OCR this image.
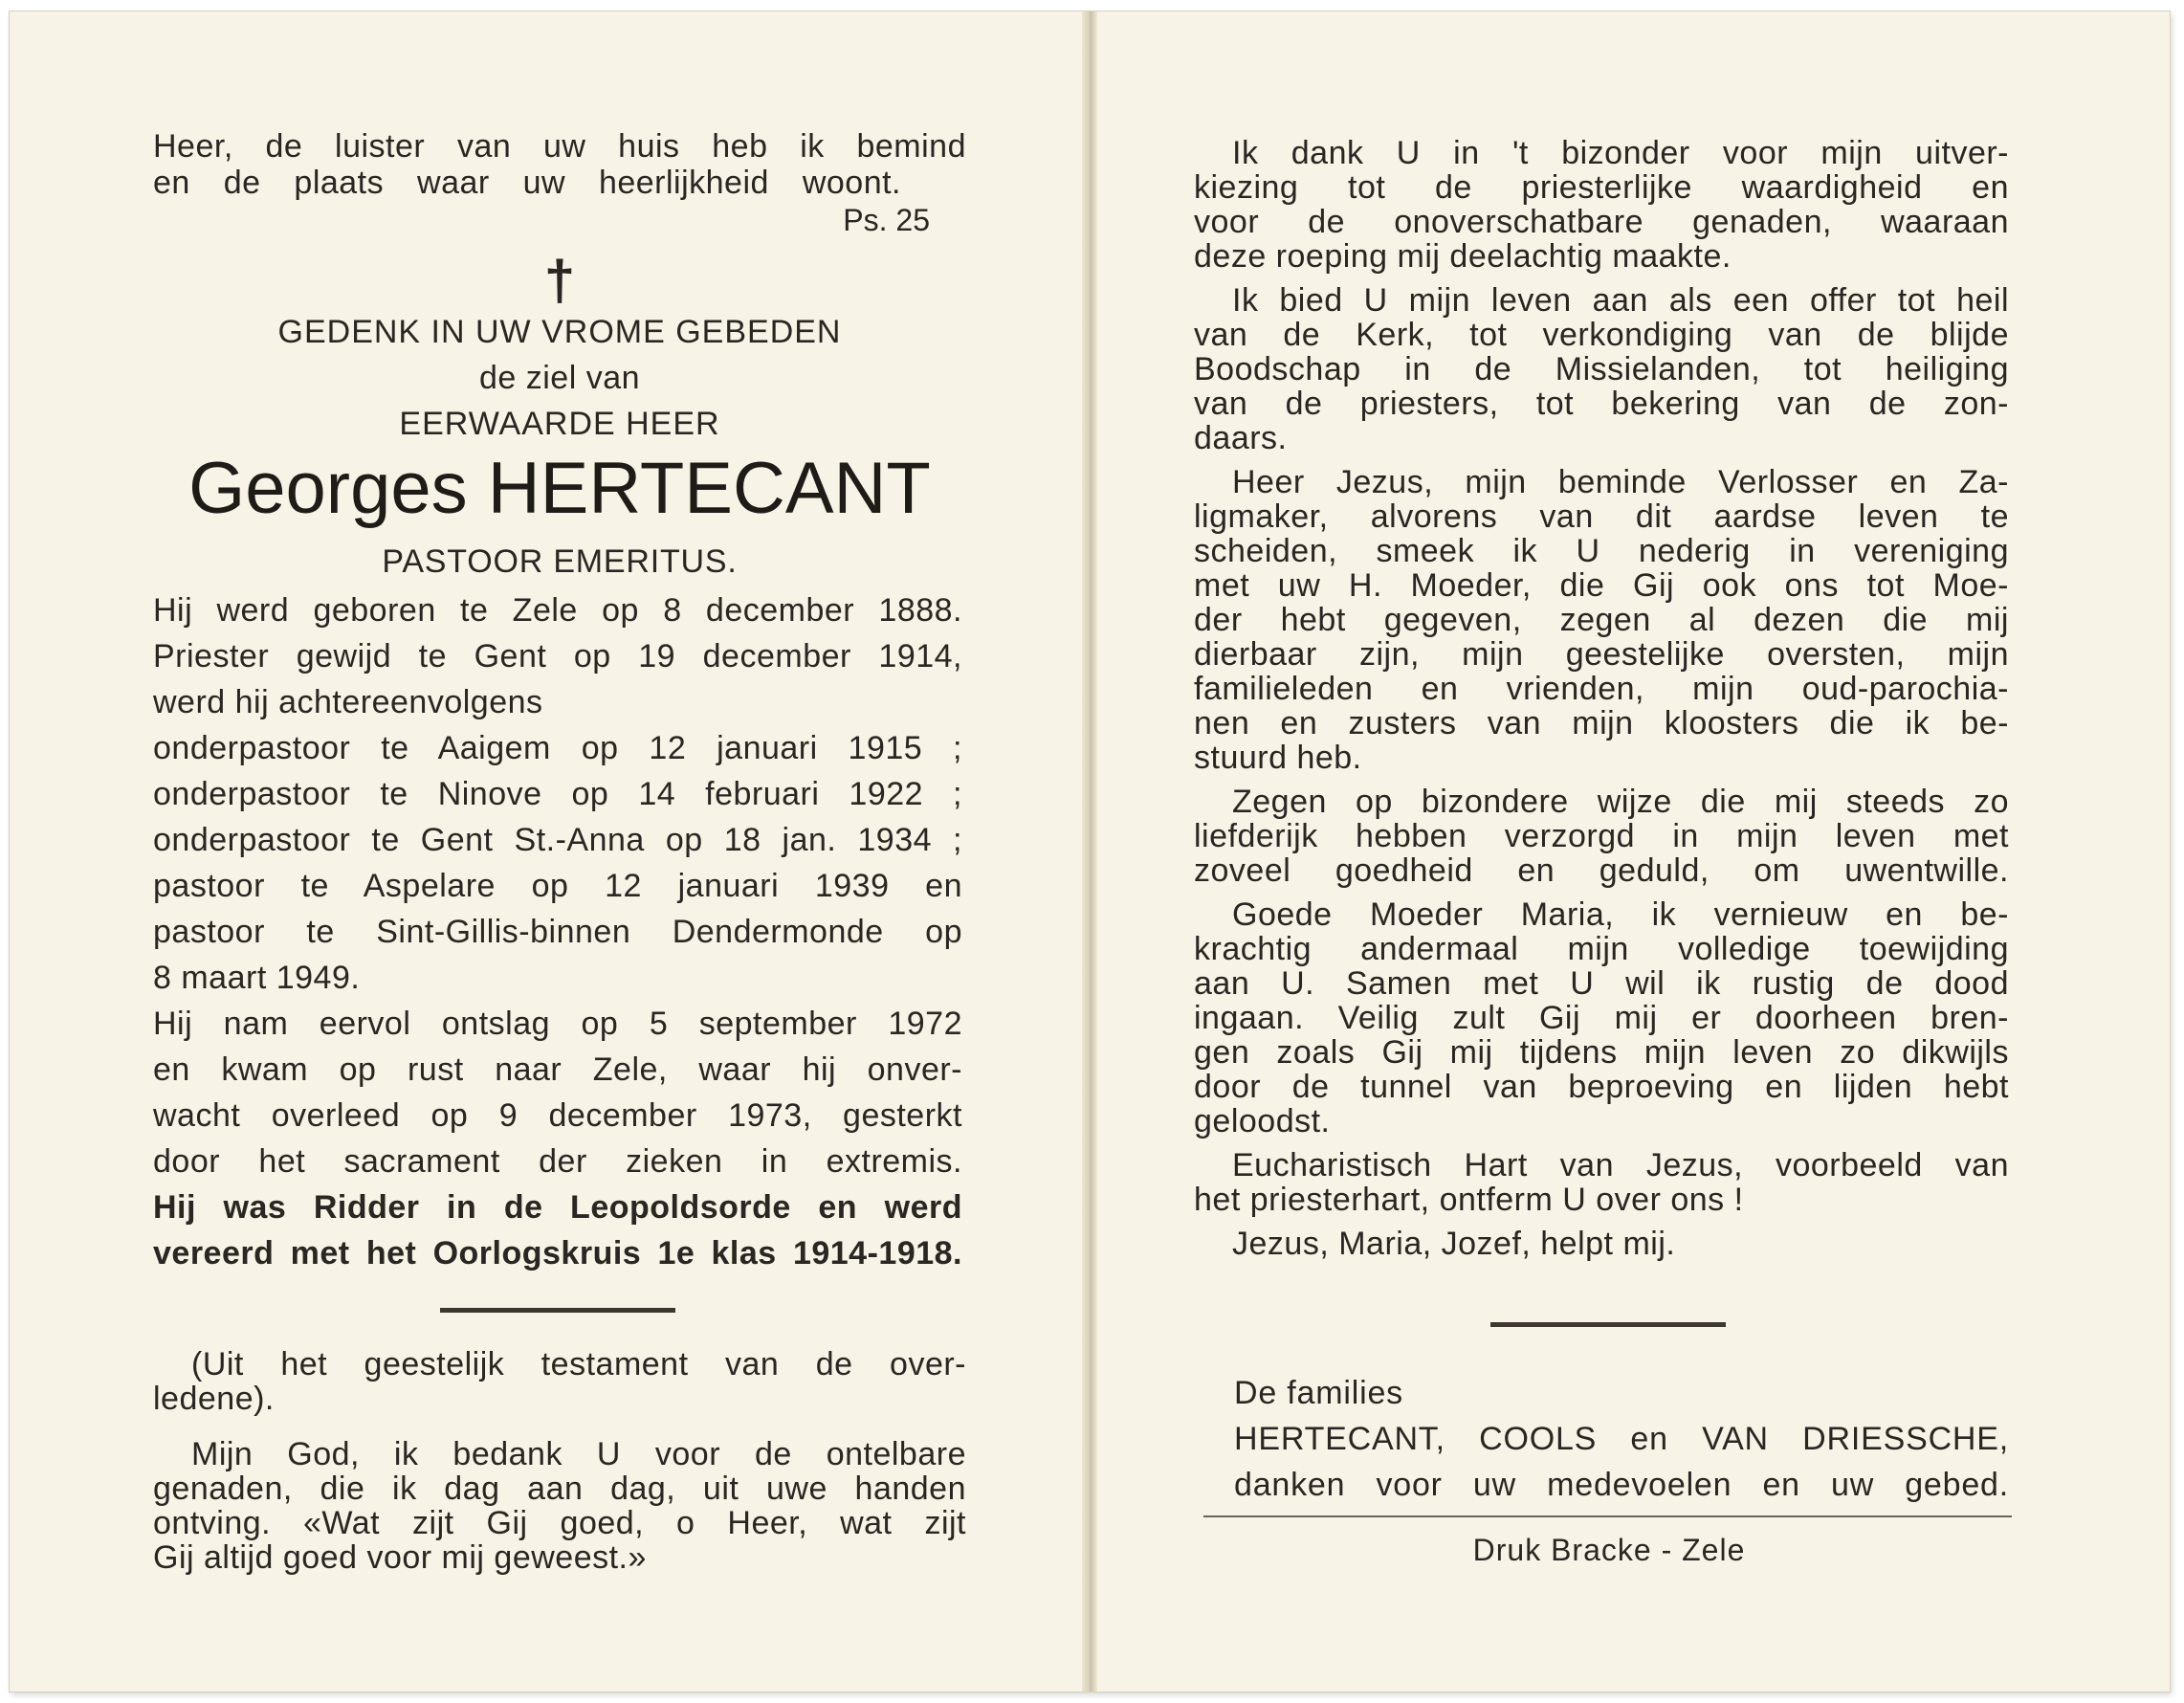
Heer, de luister van uw huis heb ik bemind
en de plaats waar uw heerlijkheid woont.
Ps. 25
†
GEDENK IN UW VROME GEBEDEN
de ziel van
EERWAARDE HEER
Georges HERTECANT
PASTOOR EMERITUS.
Hij werd geboren te Zele op 8 december 1888.
Priester gewijd te Gent op 19 december 1914,
werd hij achtereenvolgens
onderpastoor te Aaigem op 12 januari 1915 ;
onderpastoor te Ninove op 14 februari 1922 ;
onderpastoor te Gent St.-Anna op 18 jan. 1934 ;
pastoor te Aspelare op 12 januari 1939 en
pastoor te Sint-Gillis-binnen Dendermonde op
8 maart 1949.
Hij nam eervol ontslag op 5 september 1972
en kwam op rust naar Zele, waar hij onver-
wacht overleed op 9 december 1973, gesterkt
door het sacrament der zieken in extremis.
Hij was Ridder in de Leopoldsorde en werd
vereerd met het Oorlogskruis 1e klas 1914-1918.
(Uit het geestelijk testament van de over-
ledene).
Mijn God, ik bedank U voor de ontelbare
genaden, die ik dag aan dag, uit uwe handen
ontving. «Wat zijt Gij goed, o Heer, wat zijt
Gij altijd goed voor mij geweest.»
Ik dank U in 't bizonder voor mijn uitver-
kiezing tot de priesterlijke waardigheid en
voor de onoverschatbare genaden, waaraan
deze roeping mij deelachtig maakte.
Ik bied U mijn leven aan als een offer tot heil
van de Kerk, tot verkondiging van de blijde
Boodschap in de Missielanden, tot heiliging
van de priesters, tot bekering van de zon-
daars.
Heer Jezus, mijn beminde Verlosser en Za-
ligmaker, alvorens van dit aardse leven te
scheiden, smeek ik U nederig in vereniging
met uw H. Moeder, die Gij ook ons tot Moe-
der hebt gegeven, zegen al dezen die mij
dierbaar zijn, mijn geestelijke oversten, mijn
familieleden en vrienden, mijn oud-parochia-
nen en zusters van mijn kloosters die ik be-
stuurd heb.
Zegen op bizondere wijze die mij steeds zo
liefderijk hebben verzorgd in mijn leven met
zoveel goedheid en geduld, om uwentwille.
Goede Moeder Maria, ik vernieuw en be-
krachtig andermaal mijn volledige toewijding
aan U. Samen met U wil ik rustig de dood
ingaan. Veilig zult Gij mij er doorheen bren-
gen zoals Gij mij tijdens mijn leven zo dikwijls
door de tunnel van beproeving en lijden hebt
geloodst.
Eucharistisch Hart van Jezus, voorbeeld van
het priesterhart, ontferm U over ons !
Jezus, Maria, Jozef, helpt mij.
De families
HERTECANT, COOLS en VAN DRIESSCHE,
danken voor uw medevoelen en uw gebed.
Druk Bracke - Zele
